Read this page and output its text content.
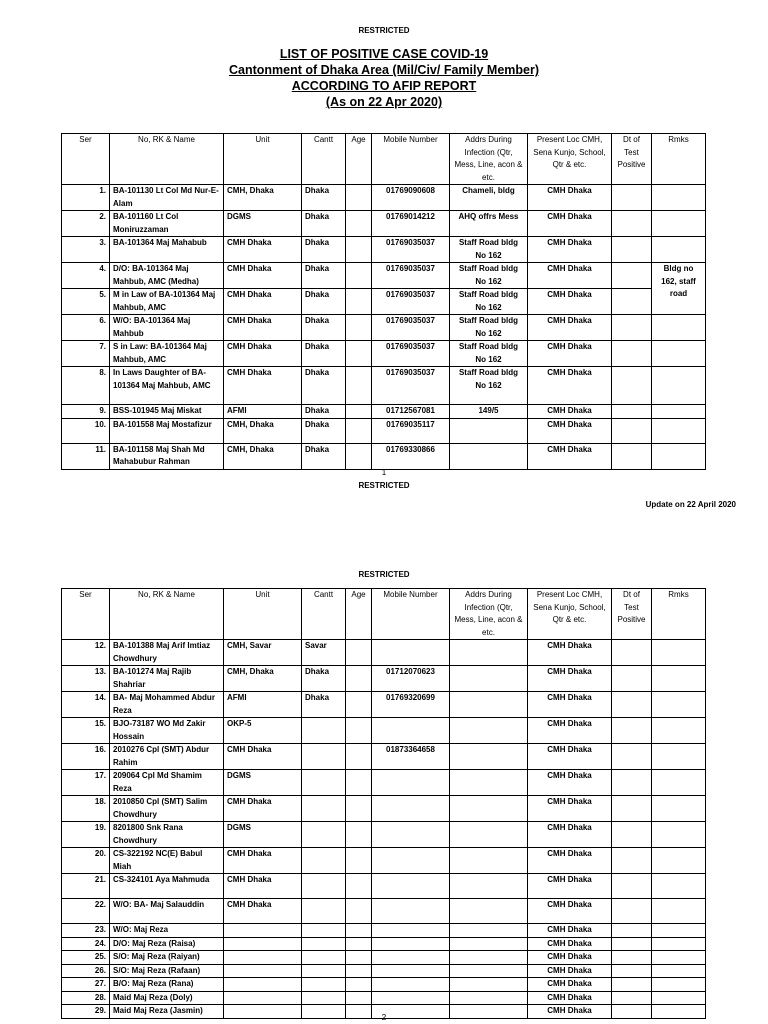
RESTRICTED
LIST OF POSITIVE CASE COVID-19
Cantonment of Dhaka Area (Mil/Civ/ Family Member)
ACCORDING TO AFIP REPORT
(As on 22 Apr 2020)
Ser	No, RK & Name	Unit	Cantt	Age	Mobile Number	Addrs During Infection (Qtr, Mess, Line, acon & etc.	Present Loc CMH, Sena Kunjo, School, Qtr & etc.	Dt of Test Positive	Rmks
1.	BA-101130 Lt Col Md Nur-E-Alam	CMH, Dhaka	Dhaka		01769090608	Chameli, bldg	CMH Dhaka		
2.	BA-101160 Lt Col Moniruzzaman	DGMS	Dhaka		01769014212	AHQ offrs Mess	CMH Dhaka		
3.	BA-101364 Maj Mahabub	CMH Dhaka	Dhaka		01769035037	Staff Road bldg No 162	CMH Dhaka		
4.	D/O: BA-101364 Maj Mahbub, AMC (Medha)	CMH Dhaka	Dhaka		01769035037	Staff Road bldg No 162	CMH Dhaka		Bldg no 162, staff road
5.	M in Law of BA-101364 Maj Mahbub, AMC	CMH Dhaka	Dhaka		01769035037	Staff Road bldg No 162	CMH Dhaka		
6.	W/O: BA-101364 Maj Mahbub	CMH Dhaka	Dhaka		01769035037	Staff Road bldg No 162	CMH Dhaka		
7.	S in Law: BA-101364 Maj Mahbub, AMC	CMH Dhaka	Dhaka		01769035037	Staff Road bldg No 162	CMH Dhaka		
8.	In Laws Daughter of BA-101364 Maj Mahbub, AMC	CMH Dhaka	Dhaka		01769035037	Staff Road bldg No 162	CMH Dhaka		
9.	BSS-101945 Maj Miskat	AFMI	Dhaka		01712567081	149/5	CMH Dhaka		
10.	BA-101558 Maj Mostafizur	CMH, Dhaka	Dhaka		01769035117		CMH Dhaka		
11.	BA-101158 Maj Shah Md Mahabubur Rahman	CMH, Dhaka	Dhaka		01769330866		CMH Dhaka		
1
RESTRICTED
Update on 22 April 2020
RESTRICTED
Ser	No, RK & Name	Unit	Cantt	Age	Mobile Number	Addrs During Infection (Qtr, Mess, Line, acon & etc.	Present Loc CMH, Sena Kunjo, School, Qtr & etc.	Dt of Test Positive	Rmks
12.	BA-101388 Maj Arif Imtiaz Chowdhury	CMH, Savar	Savar				CMH Dhaka		
13.	BA-101274 Maj Rajib Shahriar	CMH, Dhaka	Dhaka		01712070623		CMH Dhaka		
14.	BA- Maj Mohammed Abdur Reza	AFMI	Dhaka		01769320699		CMH Dhaka		
15.	BJO-73187 WO Md Zakir Hossain	OKP-5					CMH Dhaka		
16.	2010276 Cpl (SMT) Abdur Rahim	CMH Dhaka			01873364658		CMH Dhaka		
17.	209064 Cpl Md Shamim Reza	DGMS					CMH Dhaka		
18.	2010850 Cpl (SMT) Salim Chowdhury	CMH Dhaka					CMH Dhaka		
19.	8201800 Snk Rana Chowdhury	DGMS					CMH Dhaka		
20.	CS-322192 NC(E) Babul Miah	CMH Dhaka					CMH Dhaka		
21.	CS-324101 Aya Mahmuda	CMH Dhaka					CMH Dhaka		
22.	W/O: BA- Maj Salauddin	CMH Dhaka					CMH Dhaka		
23.	W/O: Maj Reza						CMH Dhaka		
24.	D/O: Maj Reza (Raisa)						CMH Dhaka		
25.	S/O: Maj Reza (Raiyan)						CMH Dhaka		
26.	S/O: Maj Reza (Rafaan)						CMH Dhaka		
27.	B/O: Maj Reza (Rana)						CMH Dhaka		
28.	Maid Maj Reza (Doly)						CMH Dhaka		
29.	Maid Maj Reza (Jasmin)						CMH Dhaka		
2
